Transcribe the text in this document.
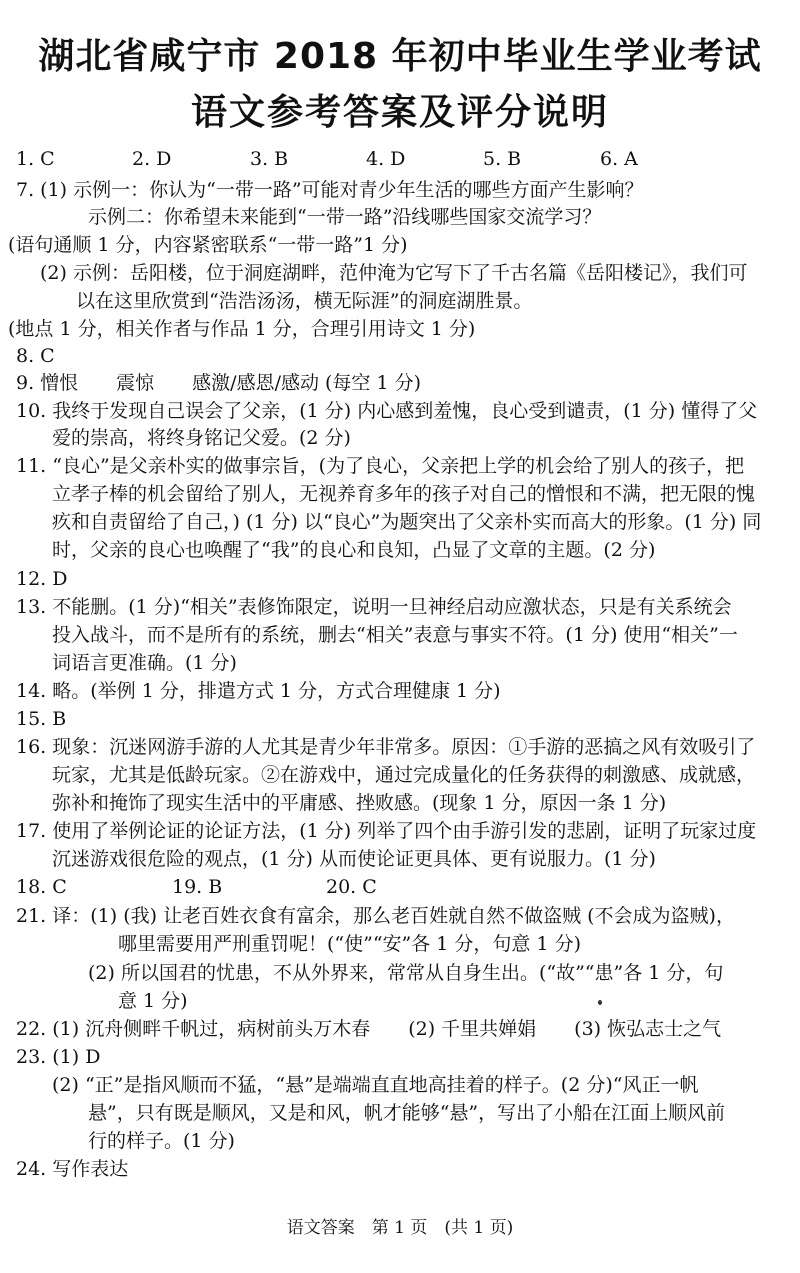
湖北省咸宁市 2018 年初中毕业生学业考试
语文参考答案及评分说明
1. C	2. D	3. B	4. D	5. B	6. A
7. (1) 示例一：你认为“一带一路”可能对青少年生活的哪些方面产生影响？
示例二：你希望未来能到“一带一路”沿线哪些国家交流学习？
(语句通顺 1 分，内容紧密联系“一带一路”1 分)
(2) 示例：岳阳楼，位于洞庭湖畔，范仲淹为它写下了千古名篇《岳阳楼记》，我们可
以在这里欣赏到“浩浩汤汤，横无际涯”的洞庭湖胜景。
(地点 1 分，相关作者与作品 1 分，合理引用诗文 1 分)
8. C
9. 憎恨　　震惊　　感激/感恩/感动 (每空 1 分)
10. 我终于发现自己误会了父亲，(1 分) 内心感到羞愧，良心受到谴责，(1 分) 懂得了父
爱的崇高，将终身铭记父爱。(2 分)
11. “良心”是父亲朴实的做事宗旨，(为了良心，父亲把上学的机会给了别人的孩子，把
立孝子棒的机会留给了别人，无视养育多年的孩子对自己的憎恨和不满，把无限的愧
疚和自责留给了自己，) (1 分) 以“良心”为题突出了父亲朴实而高大的形象。(1 分) 同
时，父亲的良心也唤醒了“我”的良心和良知，凸显了文章的主题。(2 分)
12. D
13. 不能删。(1 分)“相关”表修饰限定，说明一旦神经启动应激状态，只是有关系统会
投入战斗，而不是所有的系统，删去“相关”表意与事实不符。(1 分) 使用“相关”一
词语言更准确。(1 分)
14. 略。(举例 1 分，排遣方式 1 分，方式合理健康 1 分)
15. B
16. 现象：沉迷网游手游的人尤其是青少年非常多。原因：①手游的恶搞之风有效吸引了
玩家，尤其是低龄玩家。②在游戏中，通过完成量化的任务获得的刺激感、成就感，
弥补和掩饰了现实生活中的平庸感、挫败感。(现象 1 分，原因一条 1 分)
17. 使用了举例论证的论证方法，(1 分) 列举了四个由手游引发的悲剧，证明了玩家过度
沉迷游戏很危险的观点，(1 分) 从而使论证更具体、更有说服力。(1 分)
18. C	19. B	20. C
21. 译：(1) (我) 让老百姓衣食有富余，那么老百姓就自然不做盗贼 (不会成为盗贼)，
哪里需要用严刑重罚呢！(“使”“安”各 1 分，句意 1 分)
(2) 所以国君的忧患，不从外界来，常常从自身生出。(“故”“患”各 1 分，句
意 1 分)
22. (1) 沉舟侧畔千帆过，病树前头万木春　　(2) 千里共婵娟　　(3) 恢弘志士之气
23. (1) D
(2) “正”是指风顺而不猛，“悬”是端端直直地高挂着的样子。(2 分)“风正一帆
悬”，只有既是顺风，又是和风，帆才能够“悬”，写出了小船在江面上顺风前
行的样子。(1 分)
24. 写作表达
语文答案　第 1 页　(共 1 页)
